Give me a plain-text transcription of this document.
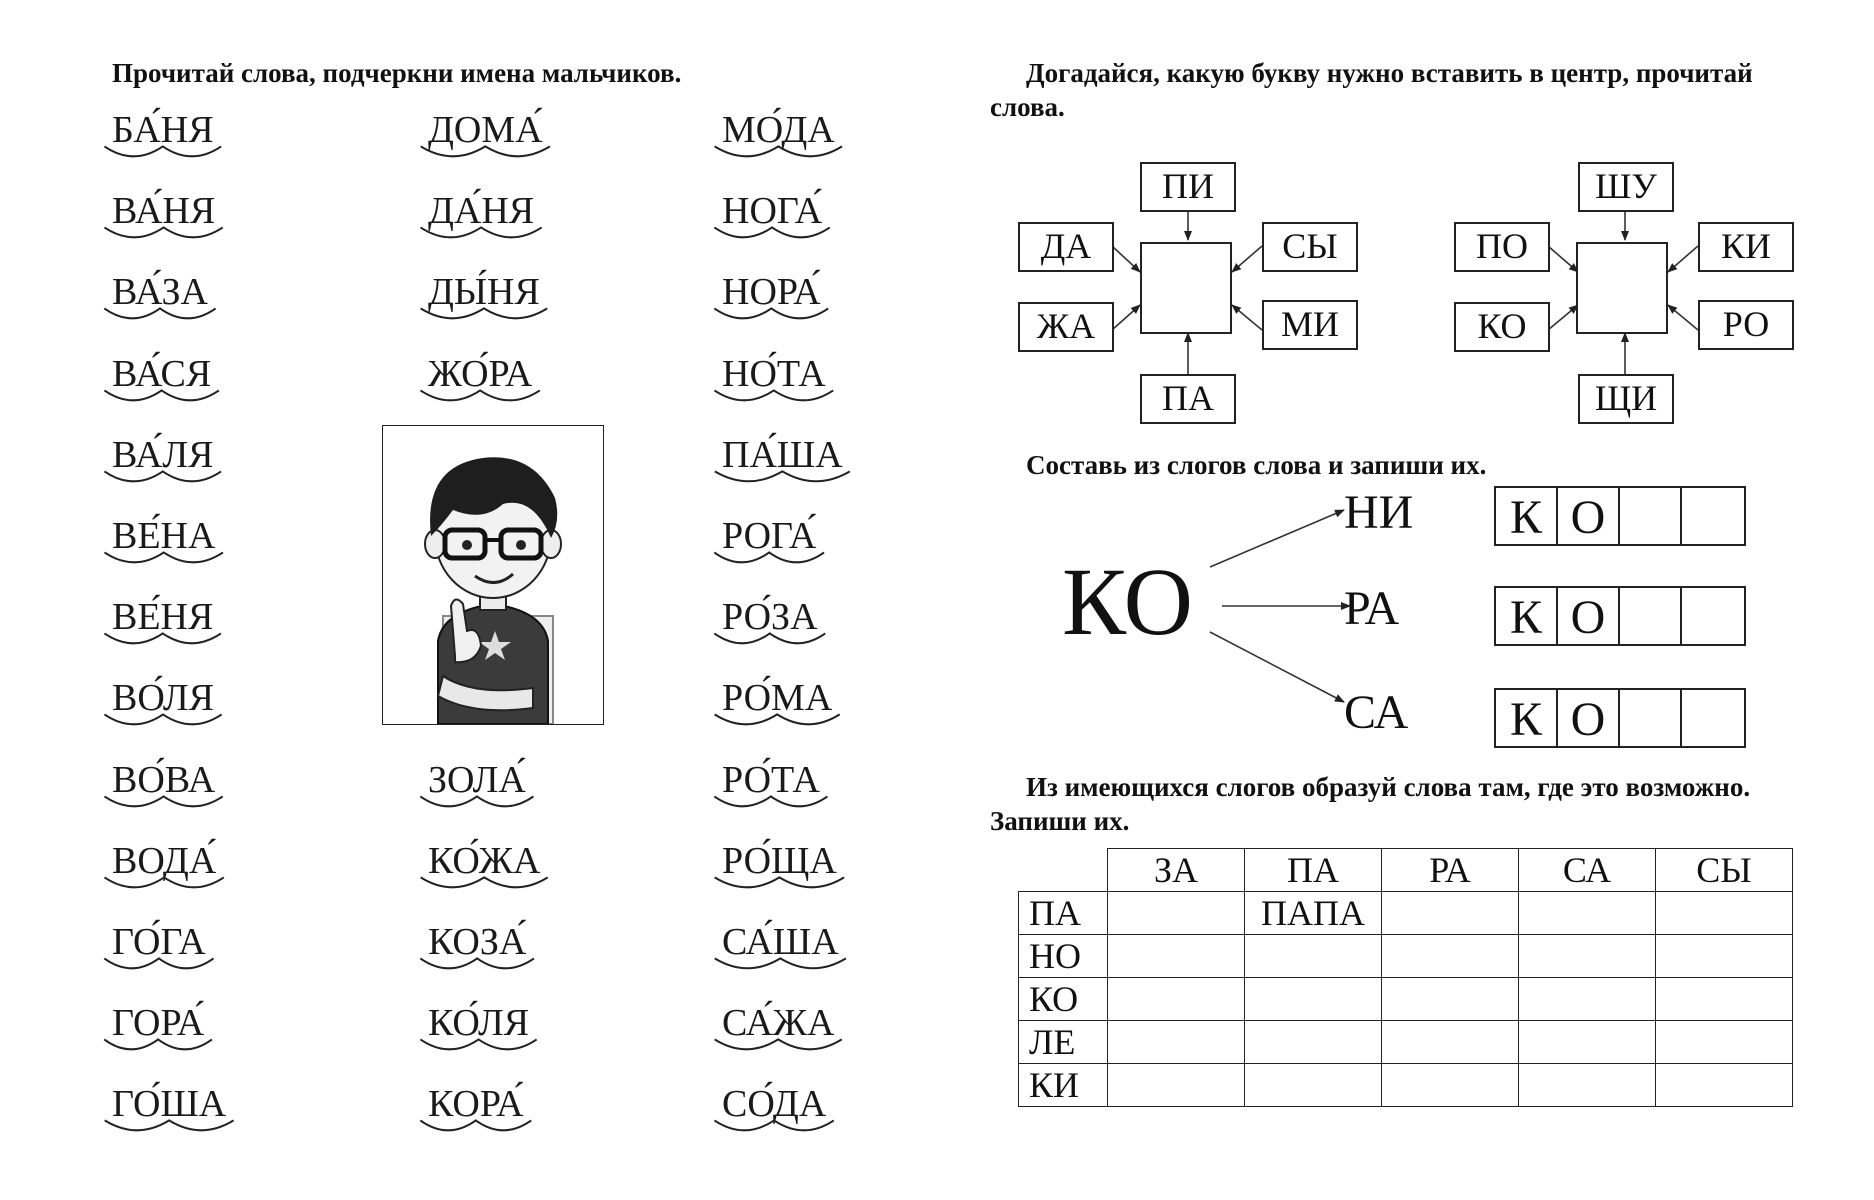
Прочитай слова, подчеркни имена мальчиков.

БА́НЯ
ВА́НЯ
ВА́ЗА
ВА́СЯ
ВА́ЛЯ
ВЕ́НА
ВЕ́НЯ
ВО́ЛЯ
ВО́ВА
ВОДА́
ГО́ГА
ГОРА́
ГО́ША
ДОМА́
ДА́НЯ
ДЫ́НЯ
ЖО́РА
ЗОЛА́
КО́ЖА
КОЗА́
КО́ЛЯ
КОРА́
МО́ДА
НОГА́
НОРА́
НО́ТА
ПА́ША
РОГА́
РО́ЗА
РО́МА
РО́ТА
РО́ЩА
СА́ША
СА́ЖА
СО́ДА

Догадайся, какую букву нужно вставить в центр, прочитай слова.

ПИ
ДА
ЖА
СЫ
МИ
ПА
ШУ
ПО
КО
КИ
РО
ЩИ

Составь из слогов слова и запиши их.

КО
НИ
РА
СА
К О
К О
К О

Из имеющихся слогов образуй слова там, где это возможно. Запиши их.

	ЗА	ПА	РА	СА	СЫ
ПА		ПАПА			
НО					
КО					
ЛЕ					
КИ					
